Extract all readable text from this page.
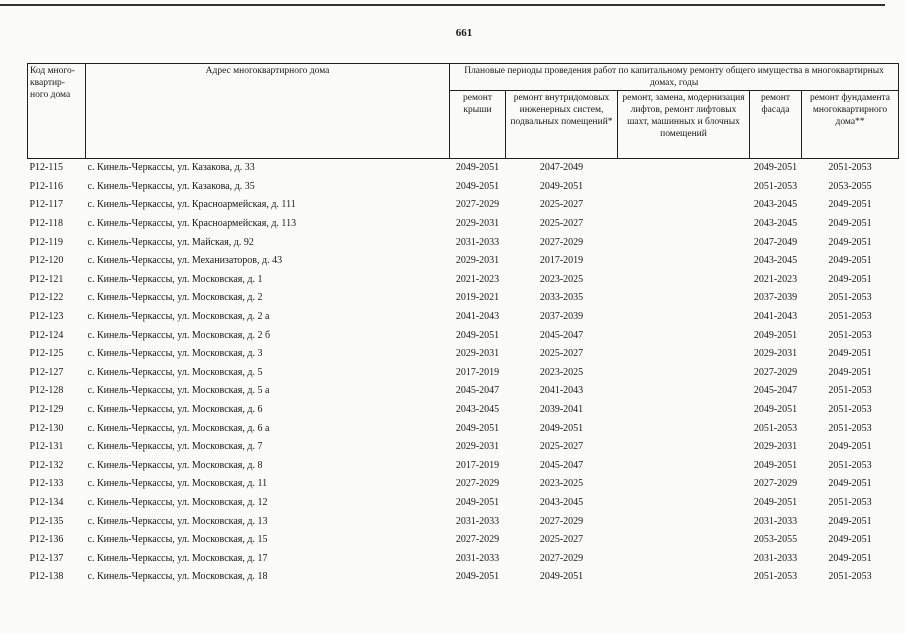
661
Код много-квартир-ного дома	Адрес многоквартирного дома	Плановые периоды проведения работ по капитальному ремонту общего имущества в многоквартирных домах, годы				
		ремонт крыши	ремонт внутридомовых инженерных систем, подвальных помещений*	ремонт, замена, модернизация лифтов, ремонт лифтовых шахт, машинных и блочных помещений	ремонт фасада	ремонт фундамента многоквартирного дома**
Р12-115	с. Кинель-Черкассы, ул. Казакова, д. 33	2049-2051	2047-2049		2049-2051	2051-2053
Р12-116	с. Кинель-Черкассы, ул. Казакова, д. 35	2049-2051	2049-2051		2051-2053	2053-2055
Р12-117	с. Кинель-Черкассы, ул. Красноармейская, д. 111	2027-2029	2025-2027		2043-2045	2049-2051
Р12-118	с. Кинель-Черкассы, ул. Красноармейская, д. 113	2029-2031	2025-2027		2043-2045	2049-2051
Р12-119	с. Кинель-Черкассы, ул. Майская, д. 92	2031-2033	2027-2029		2047-2049	2049-2051
Р12-120	с. Кинель-Черкассы, ул. Механизаторов, д. 43	2029-2031	2017-2019		2043-2045	2049-2051
Р12-121	с. Кинель-Черкассы, ул. Московская, д. 1	2021-2023	2023-2025		2021-2023	2049-2051
Р12-122	с. Кинель-Черкассы, ул. Московская, д. 2	2019-2021	2033-2035		2037-2039	2051-2053
Р12-123	с. Кинель-Черкассы, ул. Московская, д. 2 а	2041-2043	2037-2039		2041-2043	2051-2053
Р12-124	с. Кинель-Черкассы, ул. Московская, д. 2 б	2049-2051	2045-2047		2049-2051	2051-2053
Р12-125	с. Кинель-Черкассы, ул. Московская, д. 3	2029-2031	2025-2027		2029-2031	2049-2051
Р12-127	с. Кинель-Черкассы, ул. Московская, д. 5	2017-2019	2023-2025		2027-2029	2049-2051
Р12-128	с. Кинель-Черкассы, ул. Московская, д. 5 а	2045-2047	2041-2043		2045-2047	2051-2053
Р12-129	с. Кинель-Черкассы, ул. Московская, д. 6	2043-2045	2039-2041		2049-2051	2051-2053
Р12-130	с. Кинель-Черкассы, ул. Московская, д. 6 а	2049-2051	2049-2051		2051-2053	2051-2053
Р12-131	с. Кинель-Черкассы, ул. Московская, д. 7	2029-2031	2025-2027		2029-2031	2049-2051
Р12-132	с. Кинель-Черкассы, ул. Московская, д. 8	2017-2019	2045-2047		2049-2051	2051-2053
Р12-133	с. Кинель-Черкассы, ул. Московская, д. 11	2027-2029	2023-2025		2027-2029	2049-2051
Р12-134	с. Кинель-Черкассы, ул. Московская, д. 12	2049-2051	2043-2045		2049-2051	2051-2053
Р12-135	с. Кинель-Черкассы, ул. Московская, д. 13	2031-2033	2027-2029		2031-2033	2049-2051
Р12-136	с. Кинель-Черкассы, ул. Московская, д. 15	2027-2029	2025-2027		2053-2055	2049-2051
Р12-137	с. Кинель-Черкассы, ул. Московская, д. 17	2031-2033	2027-2029		2031-2033	2049-2051
Р12-138	с. Кинель-Черкассы, ул. Московская, д. 18	2049-2051	2049-2051		2051-2053	2051-2053
